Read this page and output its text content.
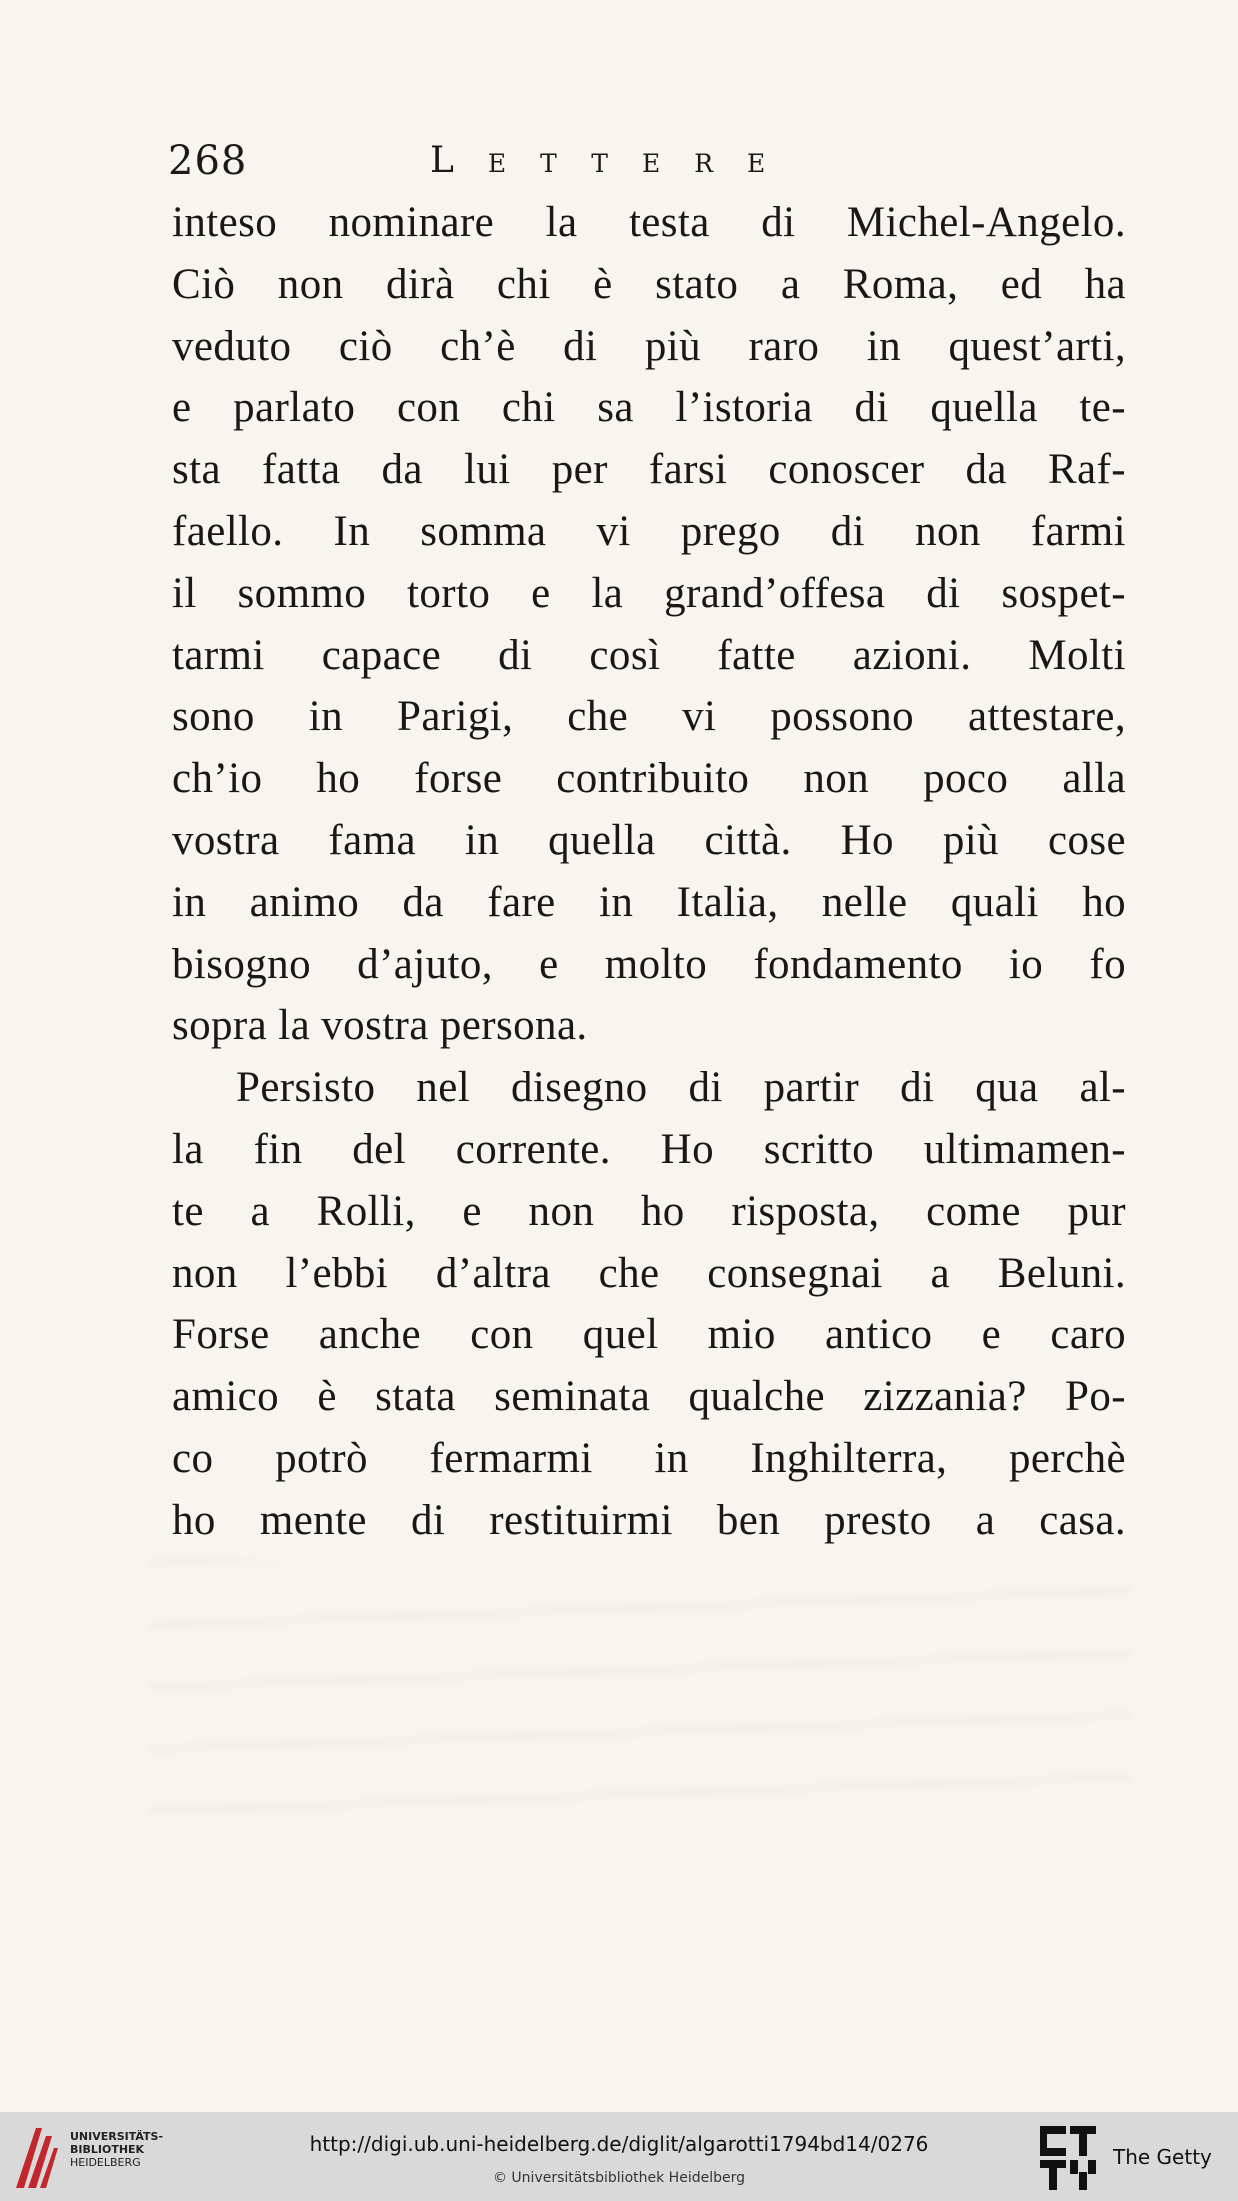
268	Lettere
inteso nominare la testa di Michel-Angelo.
Ciò non dirà chi è stato a Roma, ed ha
veduto ciò ch’è di più raro in quest’arti,
e parlato con chi sa l’istoria di quella te-
sta fatta da lui per farsi conoscer da Raf-
faello. In somma vi prego di non farmi
il sommo torto e la grand’offesa di sospet-
tarmi capace di così fatte azioni. Molti
sono in Parigi, che vi possono attestare,
ch’io ho forse contribuito non poco alla
vostra fama in quella città. Ho più cose
in animo da fare in Italia, nelle quali ho
bisogno d’ajuto, e molto fondamento io fo
sopra la vostra persona.
Persisto nel disegno di partir di qua al-
la fin del corrente. Ho scritto ultimamen-
te a Rolli, e non ho risposta, come pur
non l’ebbi d’altra che consegnai a Beluni.
Forse anche con quel mio antico e caro
amico è stata seminata qualche zizzania? Po-
co potrò fermarmi in Inghilterra, perchè
ho mente di restituirmi ben presto a casa.
UNIVERSITÄTS-
BIBLIOTHEK
HEIDELBERG
http://digi.ub.uni-heidelberg.de/diglit/algarotti1794bd14/0276
© Universitätsbibliothek Heidelberg
The Getty
